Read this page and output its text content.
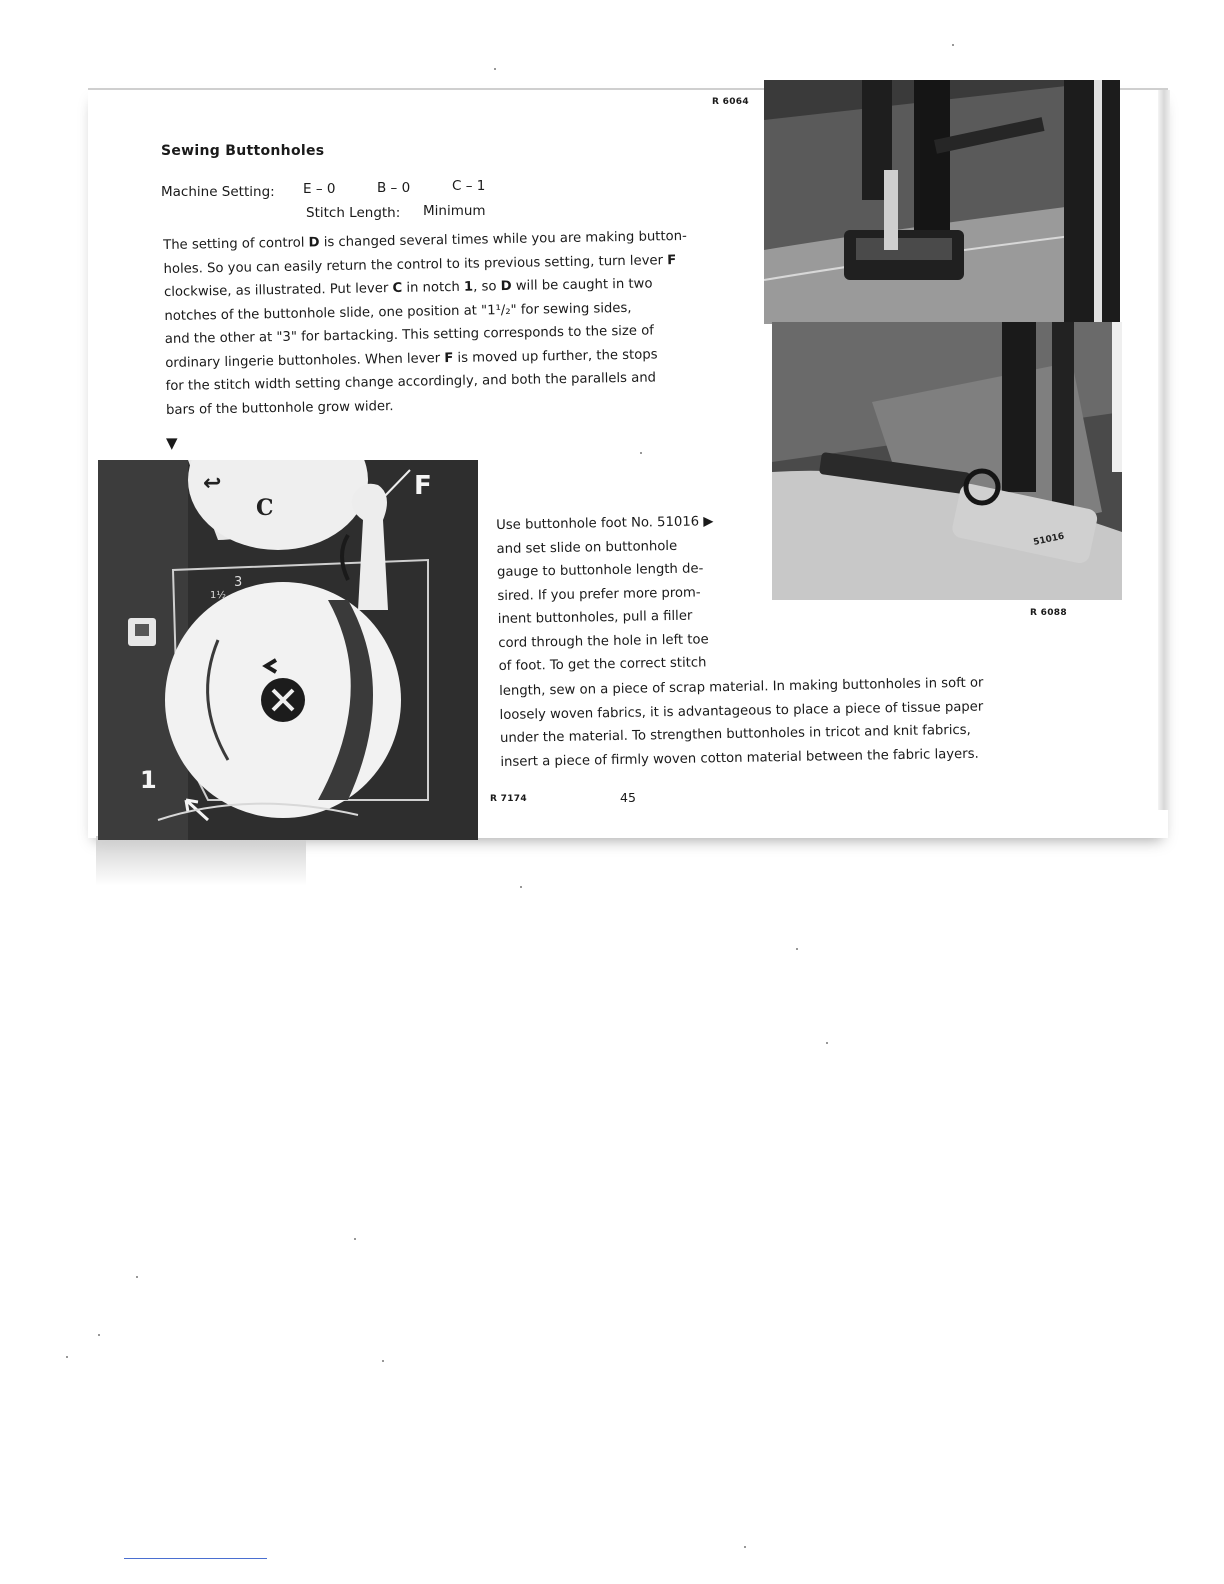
R 6064
51016
R 6088
Sewing Buttonholes
Machine Setting: E – 0	B – 0	C – 1
Stitch Length: Minimum

The setting of control D is changed several times while you are making button-

holes. So you can easily return the control to its previous setting, turn lever F

clockwise, as illustrated. Put lever C in notch 1, so D will be caught in two

notches of the buttonhole slide, one position at "1¹/₂" for sewing sides,

and the other at "3" for bartacking. This setting corresponds to the size of

ordinary lingerie buttonholes. When lever F is moved up further, the stops

for the stitch width setting change accordingly, and both the parallels and

bars of the buttonhole grow wider.

▼
↩
C
1½
3
F
1

Use buttonhole foot No. 51016 ▶

and set slide on buttonhole

gauge to buttonhole length de-

sired. If you prefer more prom-

inent buttonholes, pull a filler

cord through the hole in left toe

of foot. To get the correct stitch

length, sew on a piece of scrap material. In making buttonholes in soft or

loosely woven fabrics, it is advantageous to place a piece of tissue paper

under the material. To strengthen buttonholes in tricot and knit fabrics,

insert a piece of firmly woven cotton material between the fabric layers.

R 7174	45
